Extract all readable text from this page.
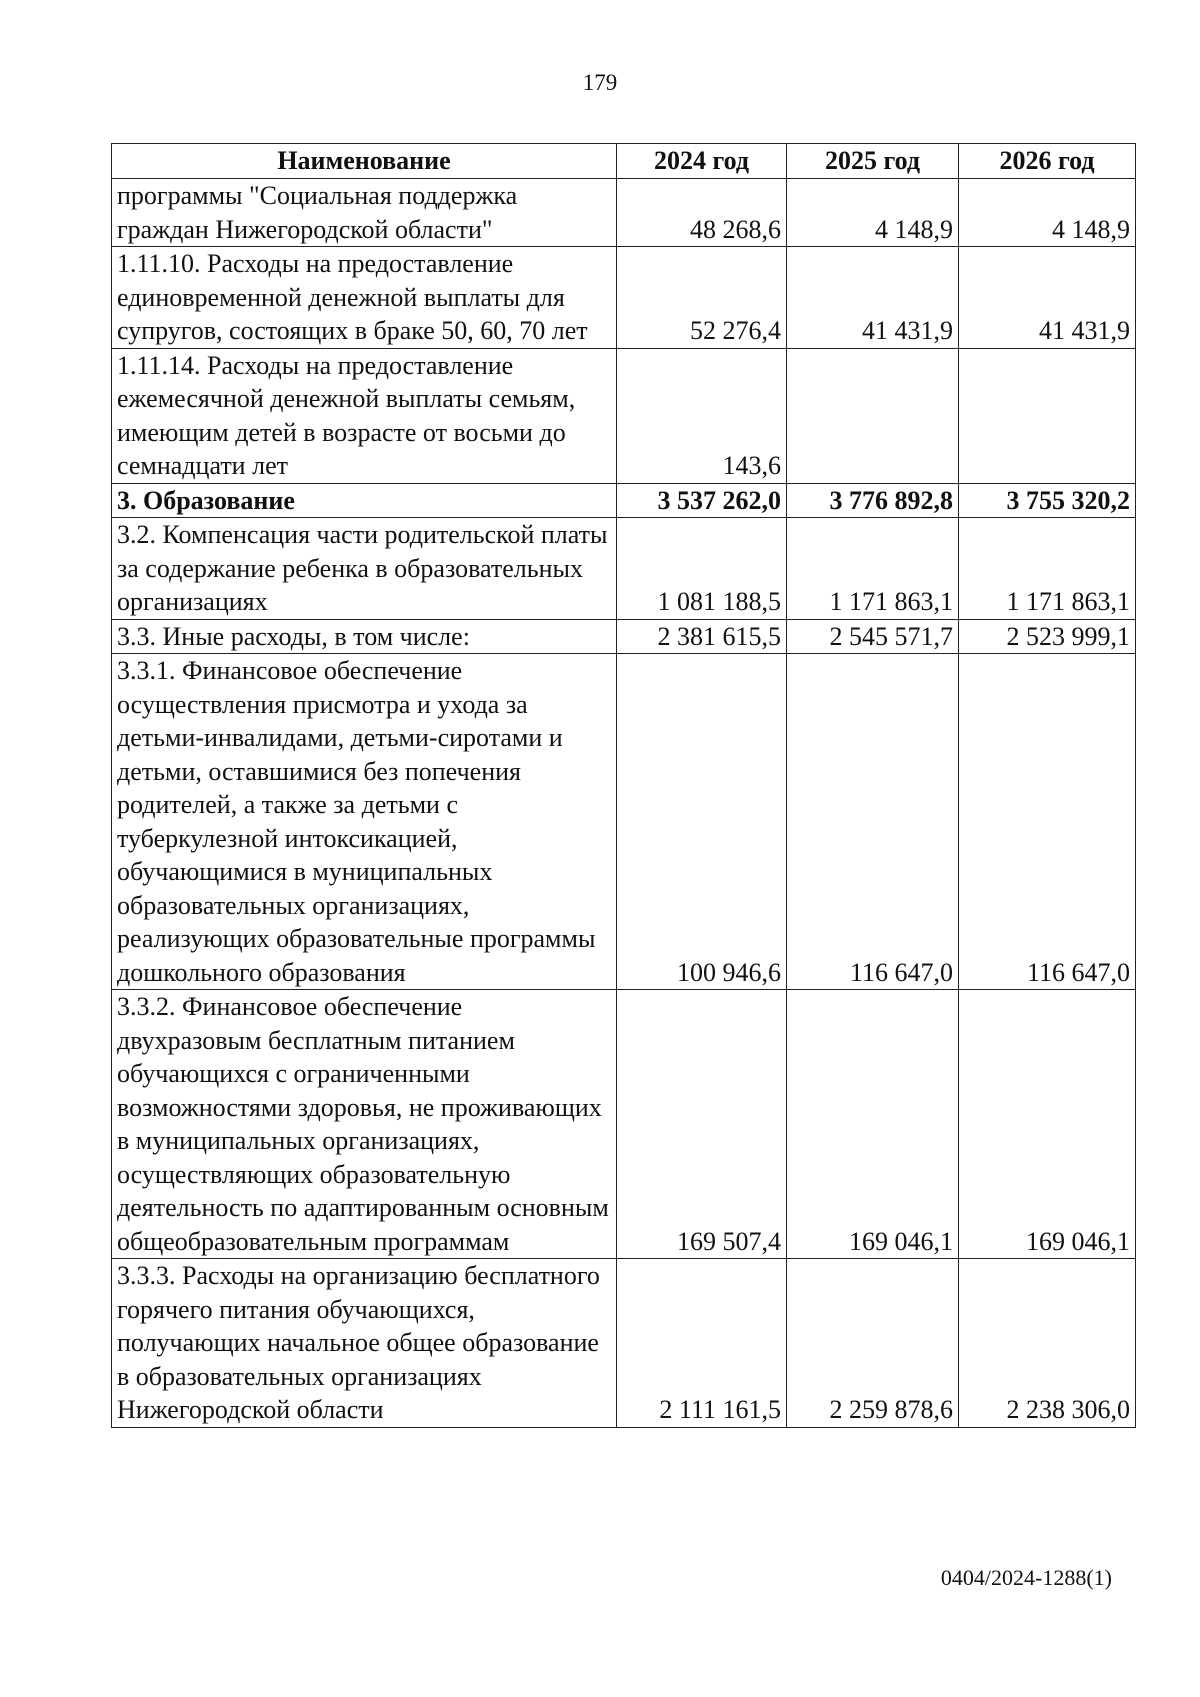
179
Наименование	2024 год	2025 год	2026 год
программы "Социальная поддержка граждан Нижегородской области"	48 268,6	4 148,9	4 148,9
1.11.10. Расходы на предоставление единовременной денежной выплаты для супругов, состоящих в браке 50, 60, 70 лет	52 276,4	41 431,9	41 431,9
1.11.14. Расходы на предоставление ежемесячной денежной выплаты семьям, имеющим детей в возрасте от восьми до семнадцати лет	143,6		
3. Образование	3 537 262,0	3 776 892,8	3 755 320,2
3.2. Компенсация части родительской платы за содержание ребенка в образовательных организациях	1 081 188,5	1 171 863,1	1 171 863,1
3.3. Иные расходы, в том числе:	2 381 615,5	2 545 571,7	2 523 999,1
3.3.1. Финансовое обеспечение осуществления присмотра и ухода за детьми-инвалидами, детьми-сиротами и детьми, оставшимися без попечения родителей, а также за детьми с туберкулезной интоксикацией, обучающимися в муниципальных образовательных организациях, реализующих образовательные программы дошкольного образования	100 946,6	116 647,0	116 647,0
3.3.2. Финансовое обеспечение двухразовым бесплатным питанием обучающихся с ограниченными возможностями здоровья, не проживающих в муниципальных организациях, осуществляющих образовательную деятельность по адаптированным основным общеобразовательным программам	169 507,4	169 046,1	169 046,1
3.3.3. Расходы на организацию бесплатного горячего питания обучающихся, получающих начальное общее образование в образовательных организациях Нижегородской области	2 111 161,5	2 259 878,6	2 238 306,0
0404/2024-1288(1)
